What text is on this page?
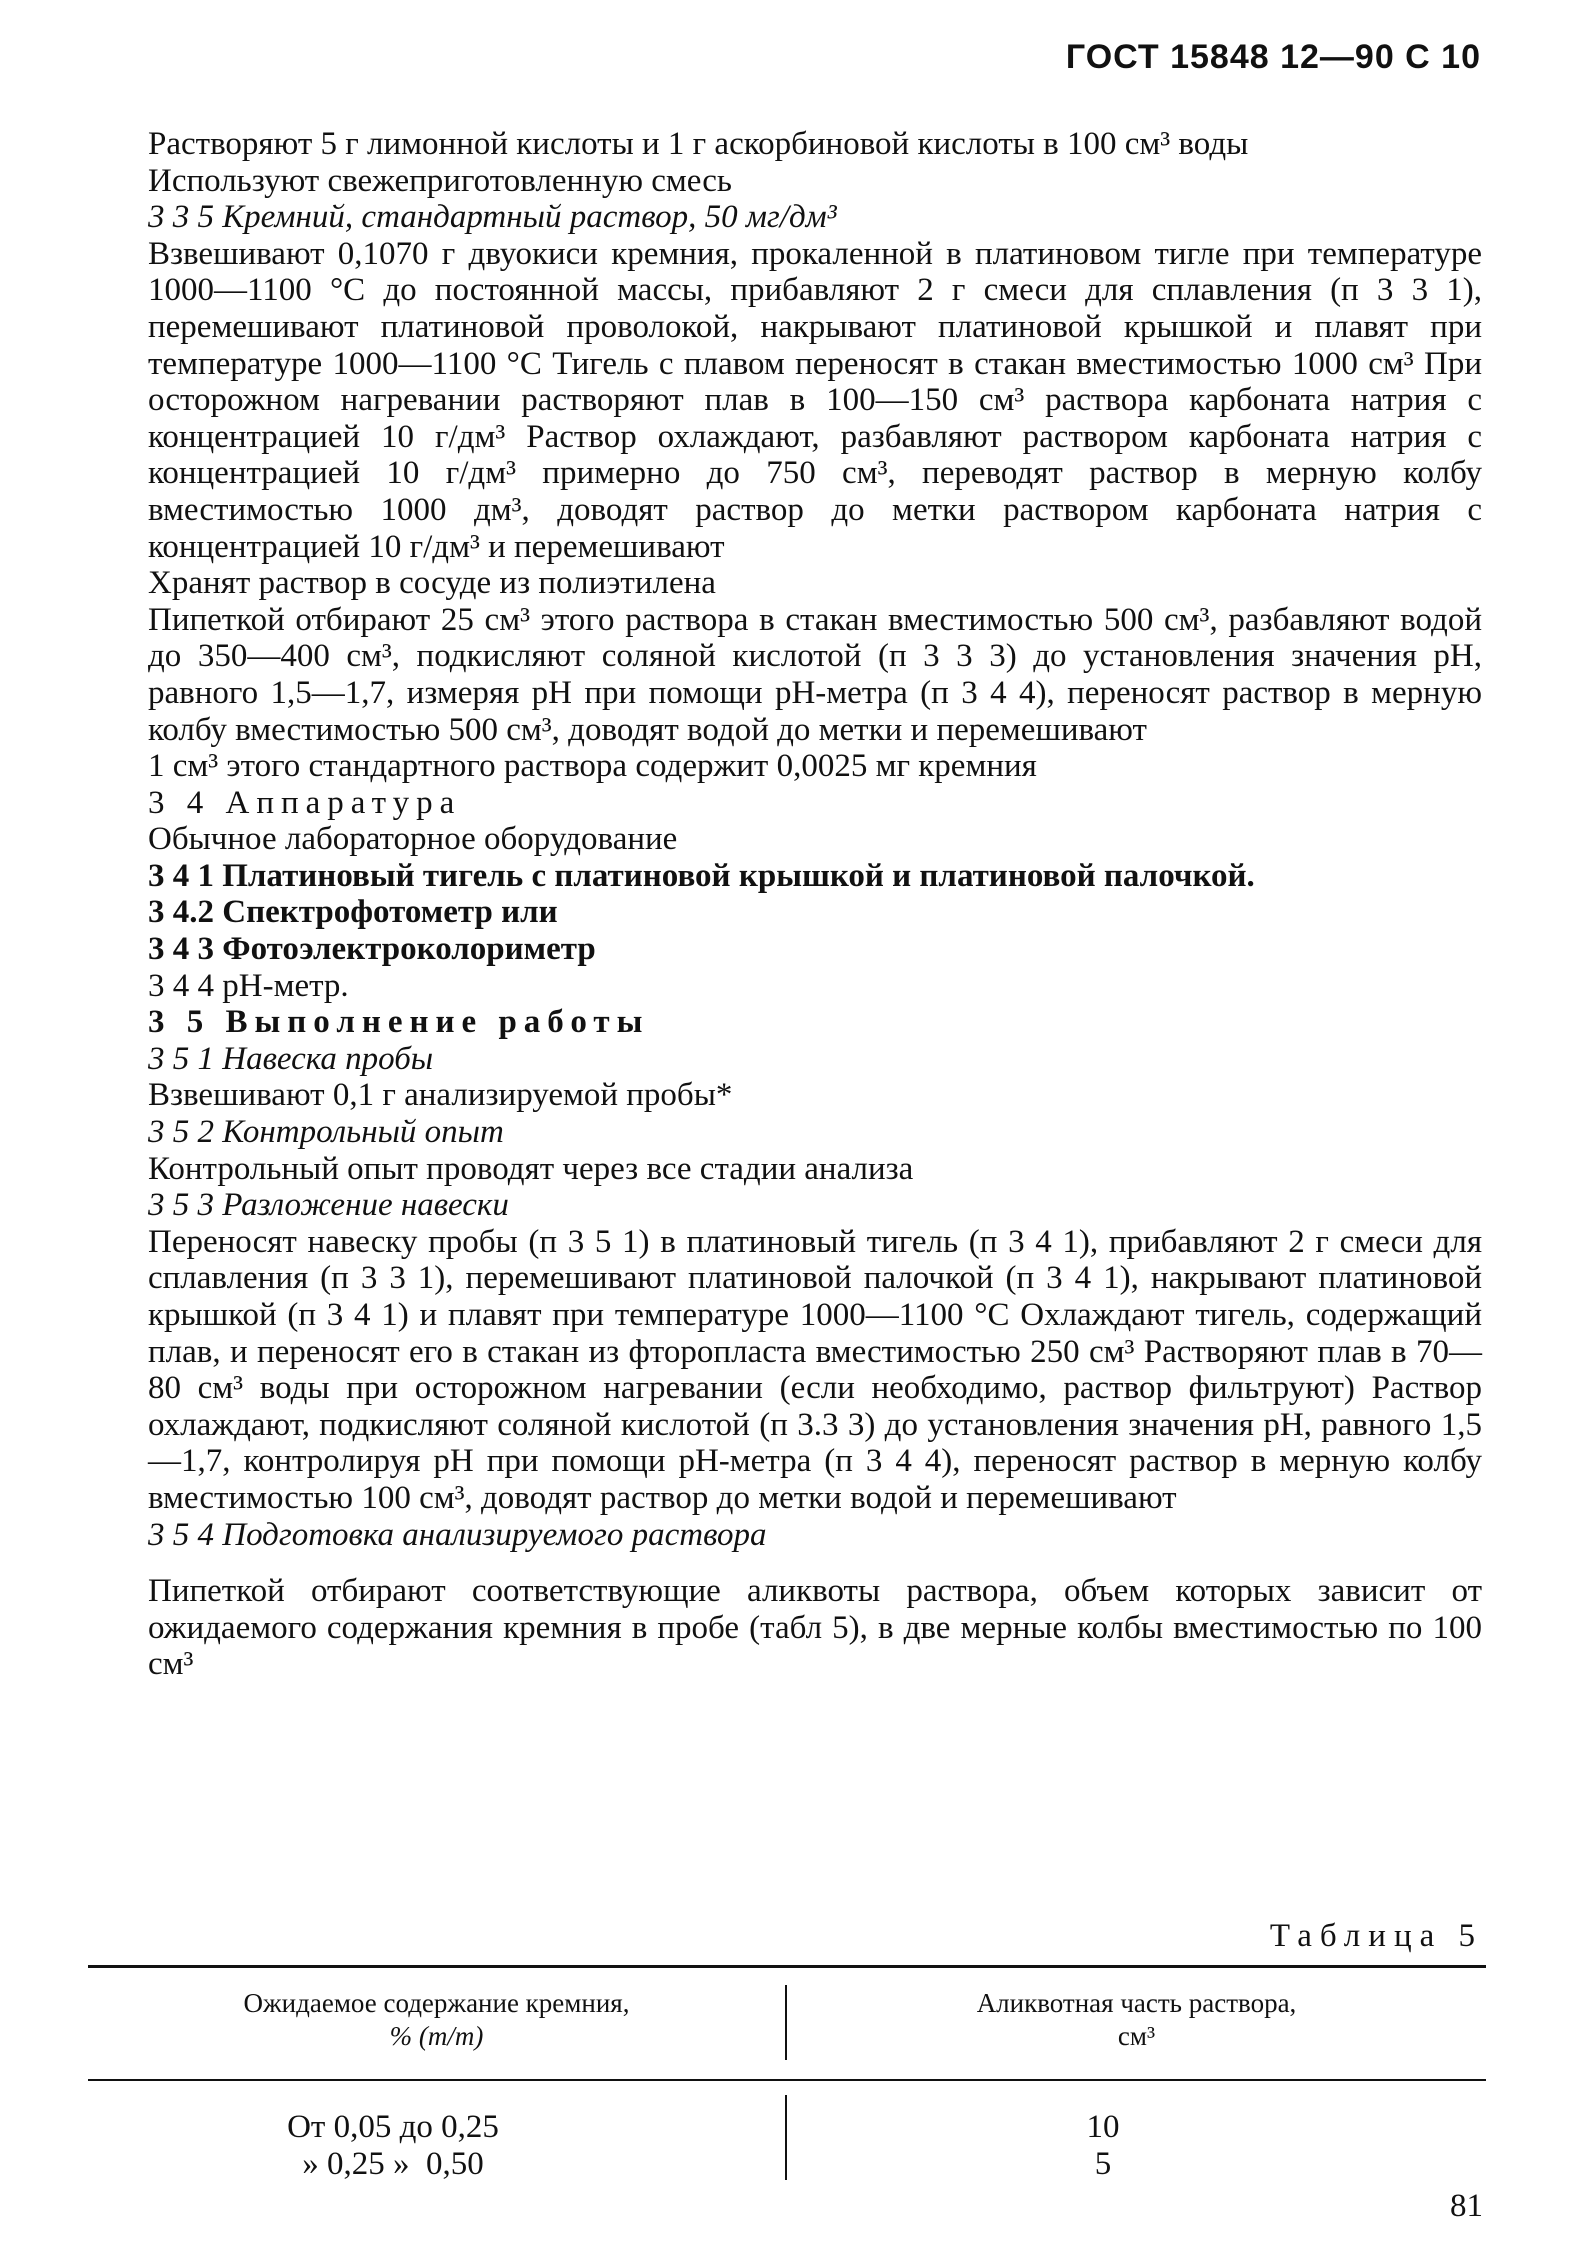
ГОСТ 15848 12—90 С 10

Растворяют 5 г лимонной кислоты и 1 г аскорбиновой кислоты в 100 см³ воды

Используют свежеприготовленную смесь

3 3 5 Кремний, стандартный раствор, 50 мг/дм³

Взвешивают 0,1070 г двуокиси кремния, прокаленной в платиновом тигле при температуре 1000—1100 °C до постоянной массы, прибавляют 2 г смеси для сплавления (п 3 3 1), перемешивают платиновой проволокой, накрывают платиновой крышкой и плавят при температуре 1000—1100 °C Тигель с плавом переносят в стакан вместимостью 1000 см³ При осторожном нагревании растворяют плав в 100—150 см³ раствора карбоната натрия с концентрацией 10 г/дм³ Раствор охлаждают, разбавляют раствором карбоната натрия с концентрацией 10 г/дм³ примерно до 750 см³, переводят раствор в мерную колбу вместимостью 1000 дм³, доводят раствор до метки раствором карбоната натрия с концентрацией 10 г/дм³ и перемешивают

Хранят раствор в сосуде из полиэтилена

Пипеткой отбирают 25 см³ этого раствора в стакан вместимостью 500 см³, разбавляют водой до 350—400 см³, подкисляют соляной кислотой (п 3 3 3) до установления значения pH, равного 1,5—1,7, измеряя pH при помощи pH-метра (п 3 4 4), переносят раствор в мерную колбу вместимостью 500 см³, доводят водой до метки и перемешивают

1 см³ этого стандартного раствора содержит 0,0025 мг кремния

3 4 Аппаратура

Обычное лабораторное оборудование

3 4 1 Платиновый тигель с платиновой крышкой и платиновой палочкой.

3 4.2 Спектрофотометр или

3 4 3 Фотоэлектроколориметр

3 4 4 pH-метр.

3 5 Выполнение работы

3 5 1 Навеска пробы

Взвешивают 0,1 г анализируемой пробы*

3 5 2 Контрольный опыт

Контрольный опыт проводят через все стадии анализа

3 5 3 Разложение навески

Переносят навеску пробы (п 3 5 1) в платиновый тигель (п 3 4 1), прибавляют 2 г смеси для сплавления (п 3 3 1), перемешивают платиновой палочкой (п 3 4 1), накрывают платиновой крышкой (п 3 4 1) и плавят при температуре 1000—1100 °C Охлаждают тигель, содержащий плав, и переносят его в стакан из фторопласта вместимостью 250 см³ Растворяют плав в 70—80 см³ воды при осторожном нагревании (если необходимо, раствор фильтруют) Раствор охлаждают, подкисляют соляной кислотой (п 3.3 3) до установления значения pH, равного 1,5—1,7, контролируя pH при помощи pH-метра (п 3 4 4), переносят раствор в мерную колбу вместимостью 100 см³, доводят раствор до метки водой и перемешивают

3 5 4 Подготовка анализируемого раствора

Пипеткой отбирают соответствующие аликвоты раствора, объем которых зависит от ожидаемого содержания кремния в пробе (табл 5), в две мерные колбы вместимостью по 100 см³

Таблица 5
Ожидаемое содержание кремния,
% (m/m)
Аликвотная часть раствора,
см³
От 0,05 до 0,25
» 0,25 »  0,50
10
5
81
